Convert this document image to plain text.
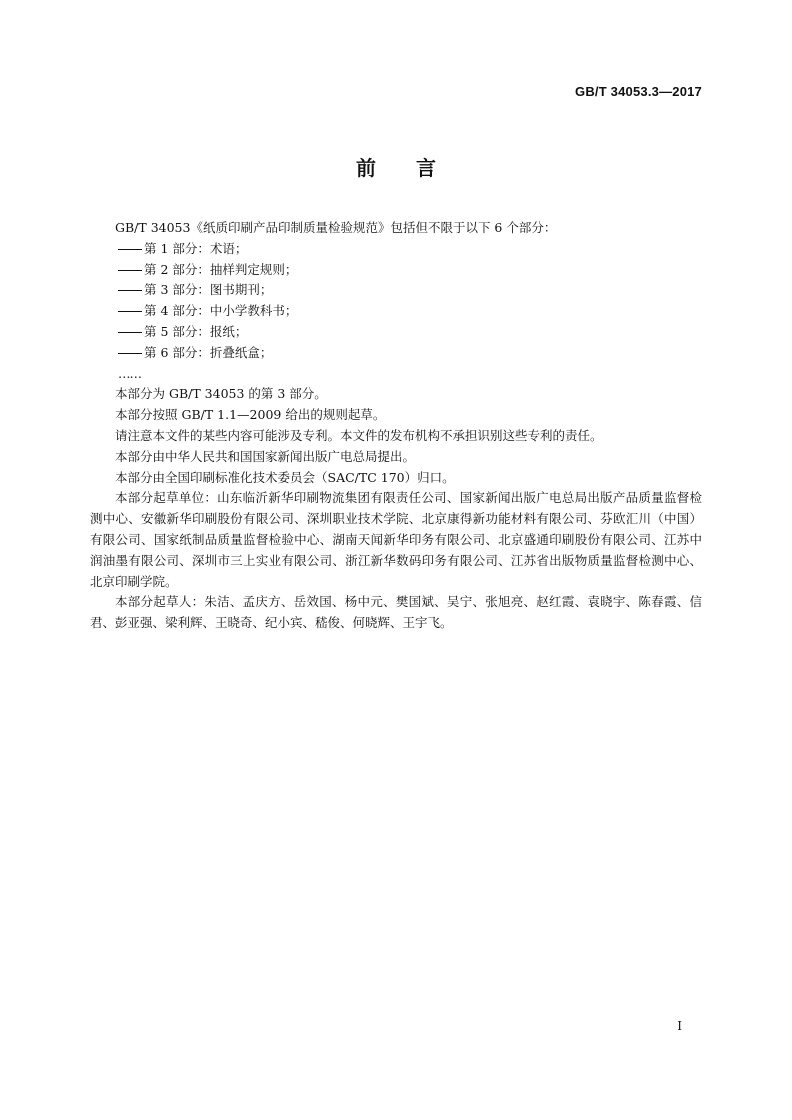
GB/T 34053.3—2017
前 言

GB/T 34053《纸质印刷产品印制质量检验规范》包括但不限于以下 6 个部分：

第 1 部分：术语；

第 2 部分：抽样判定规则；

第 3 部分：图书期刊；

第 4 部分：中小学教科书；

第 5 部分：报纸；

第 6 部分：折叠纸盒；

……

本部分为 GB/T 34053 的第 3 部分。

本部分按照 GB/T 1.1—2009 给出的规则起草。

请注意本文件的某些内容可能涉及专利。本文件的发布机构不承担识别这些专利的责任。

本部分由中华人民共和国国家新闻出版广电总局提出。

本部分由全国印刷标准化技术委员会（SAC/TC 170）归口。

本部分起草单位：山东临沂新华印刷物流集团有限责任公司、国家新闻出版广电总局出版产品质量监督检测中心、安徽新华印刷股份有限公司、深圳职业技术学院、北京康得新功能材料有限公司、芬欧汇川（中国）有限公司、国家纸制品质量监督检验中心、湖南天闻新华印务有限公司、北京盛通印刷股份有限公司、江苏中润油墨有限公司、深圳市三上实业有限公司、浙江新华数码印务有限公司、江苏省出版物质量监督检测中心、北京印刷学院。

本部分起草人：朱洁、孟庆方、岳效国、杨中元、樊国斌、吴宁、张旭亮、赵红霞、袁晓宇、陈春霞、信君、彭亚强、梁利辉、王晓奇、纪小宾、嵇俊、何晓辉、王宇飞。

I
